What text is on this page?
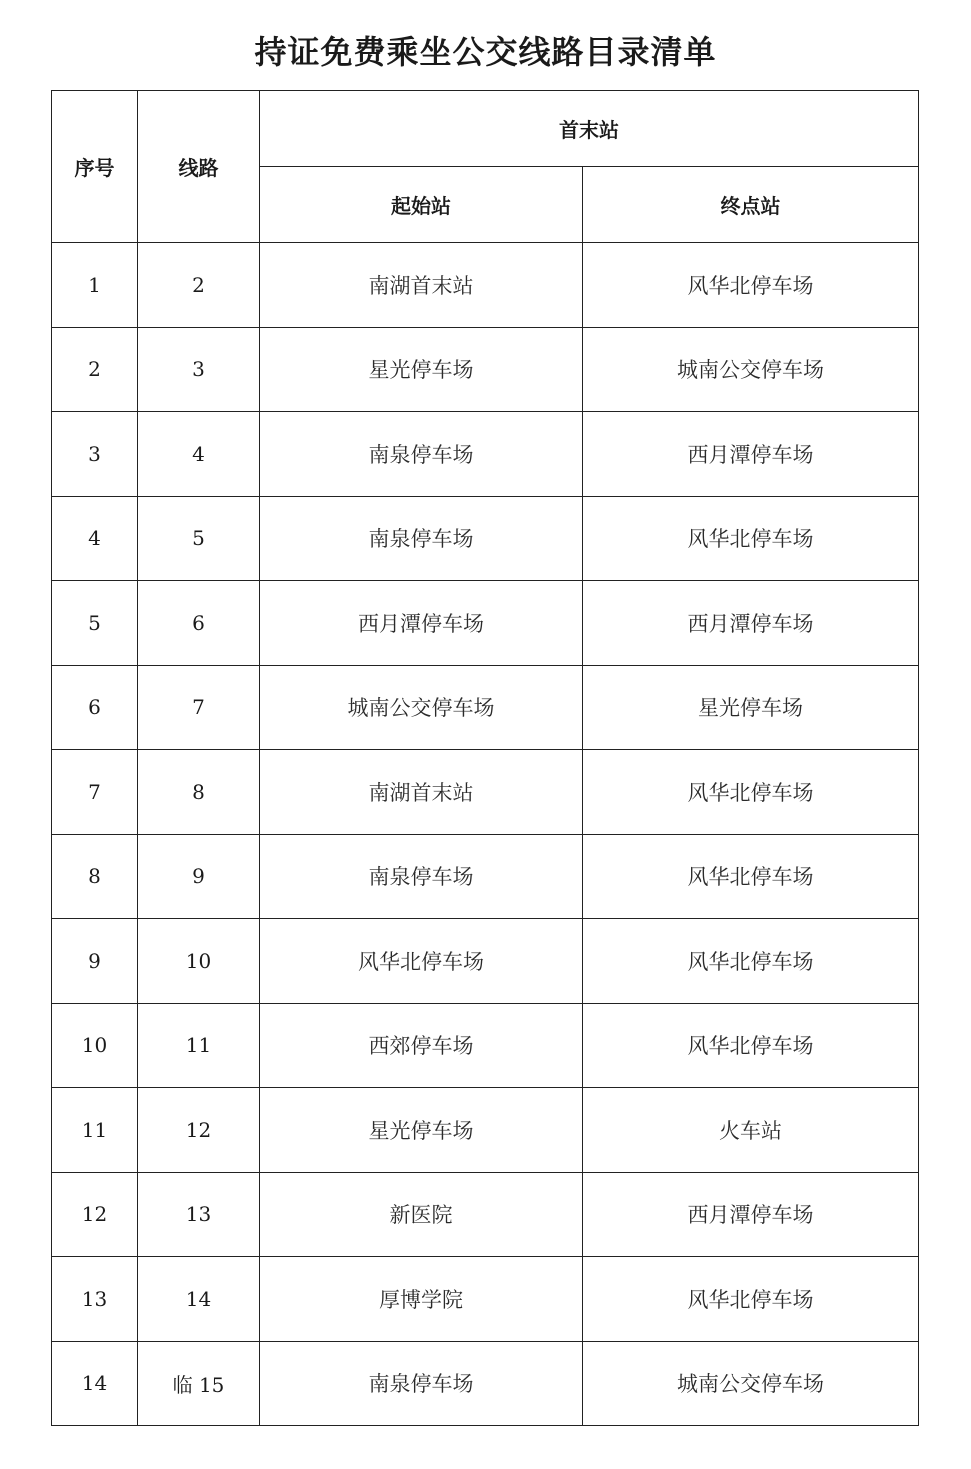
持证免费乘坐公交线路目录清单
序号	线路	首末站	
		起始站	终点站
1	2	南湖首末站	风华北停车场
2	3	星光停车场	城南公交停车场
3	4	南泉停车场	西月潭停车场
4	5	南泉停车场	风华北停车场
5	6	西月潭停车场	西月潭停车场
6	7	城南公交停车场	星光停车场
7	8	南湖首末站	风华北停车场
8	9	南泉停车场	风华北停车场
9	10	风华北停车场	风华北停车场
10	11	西郊停车场	风华北停车场
11	12	星光停车场	火车站
12	13	新医院	西月潭停车场
13	14	厚博学院	风华北停车场
14	临 15	南泉停车场	城南公交停车场
